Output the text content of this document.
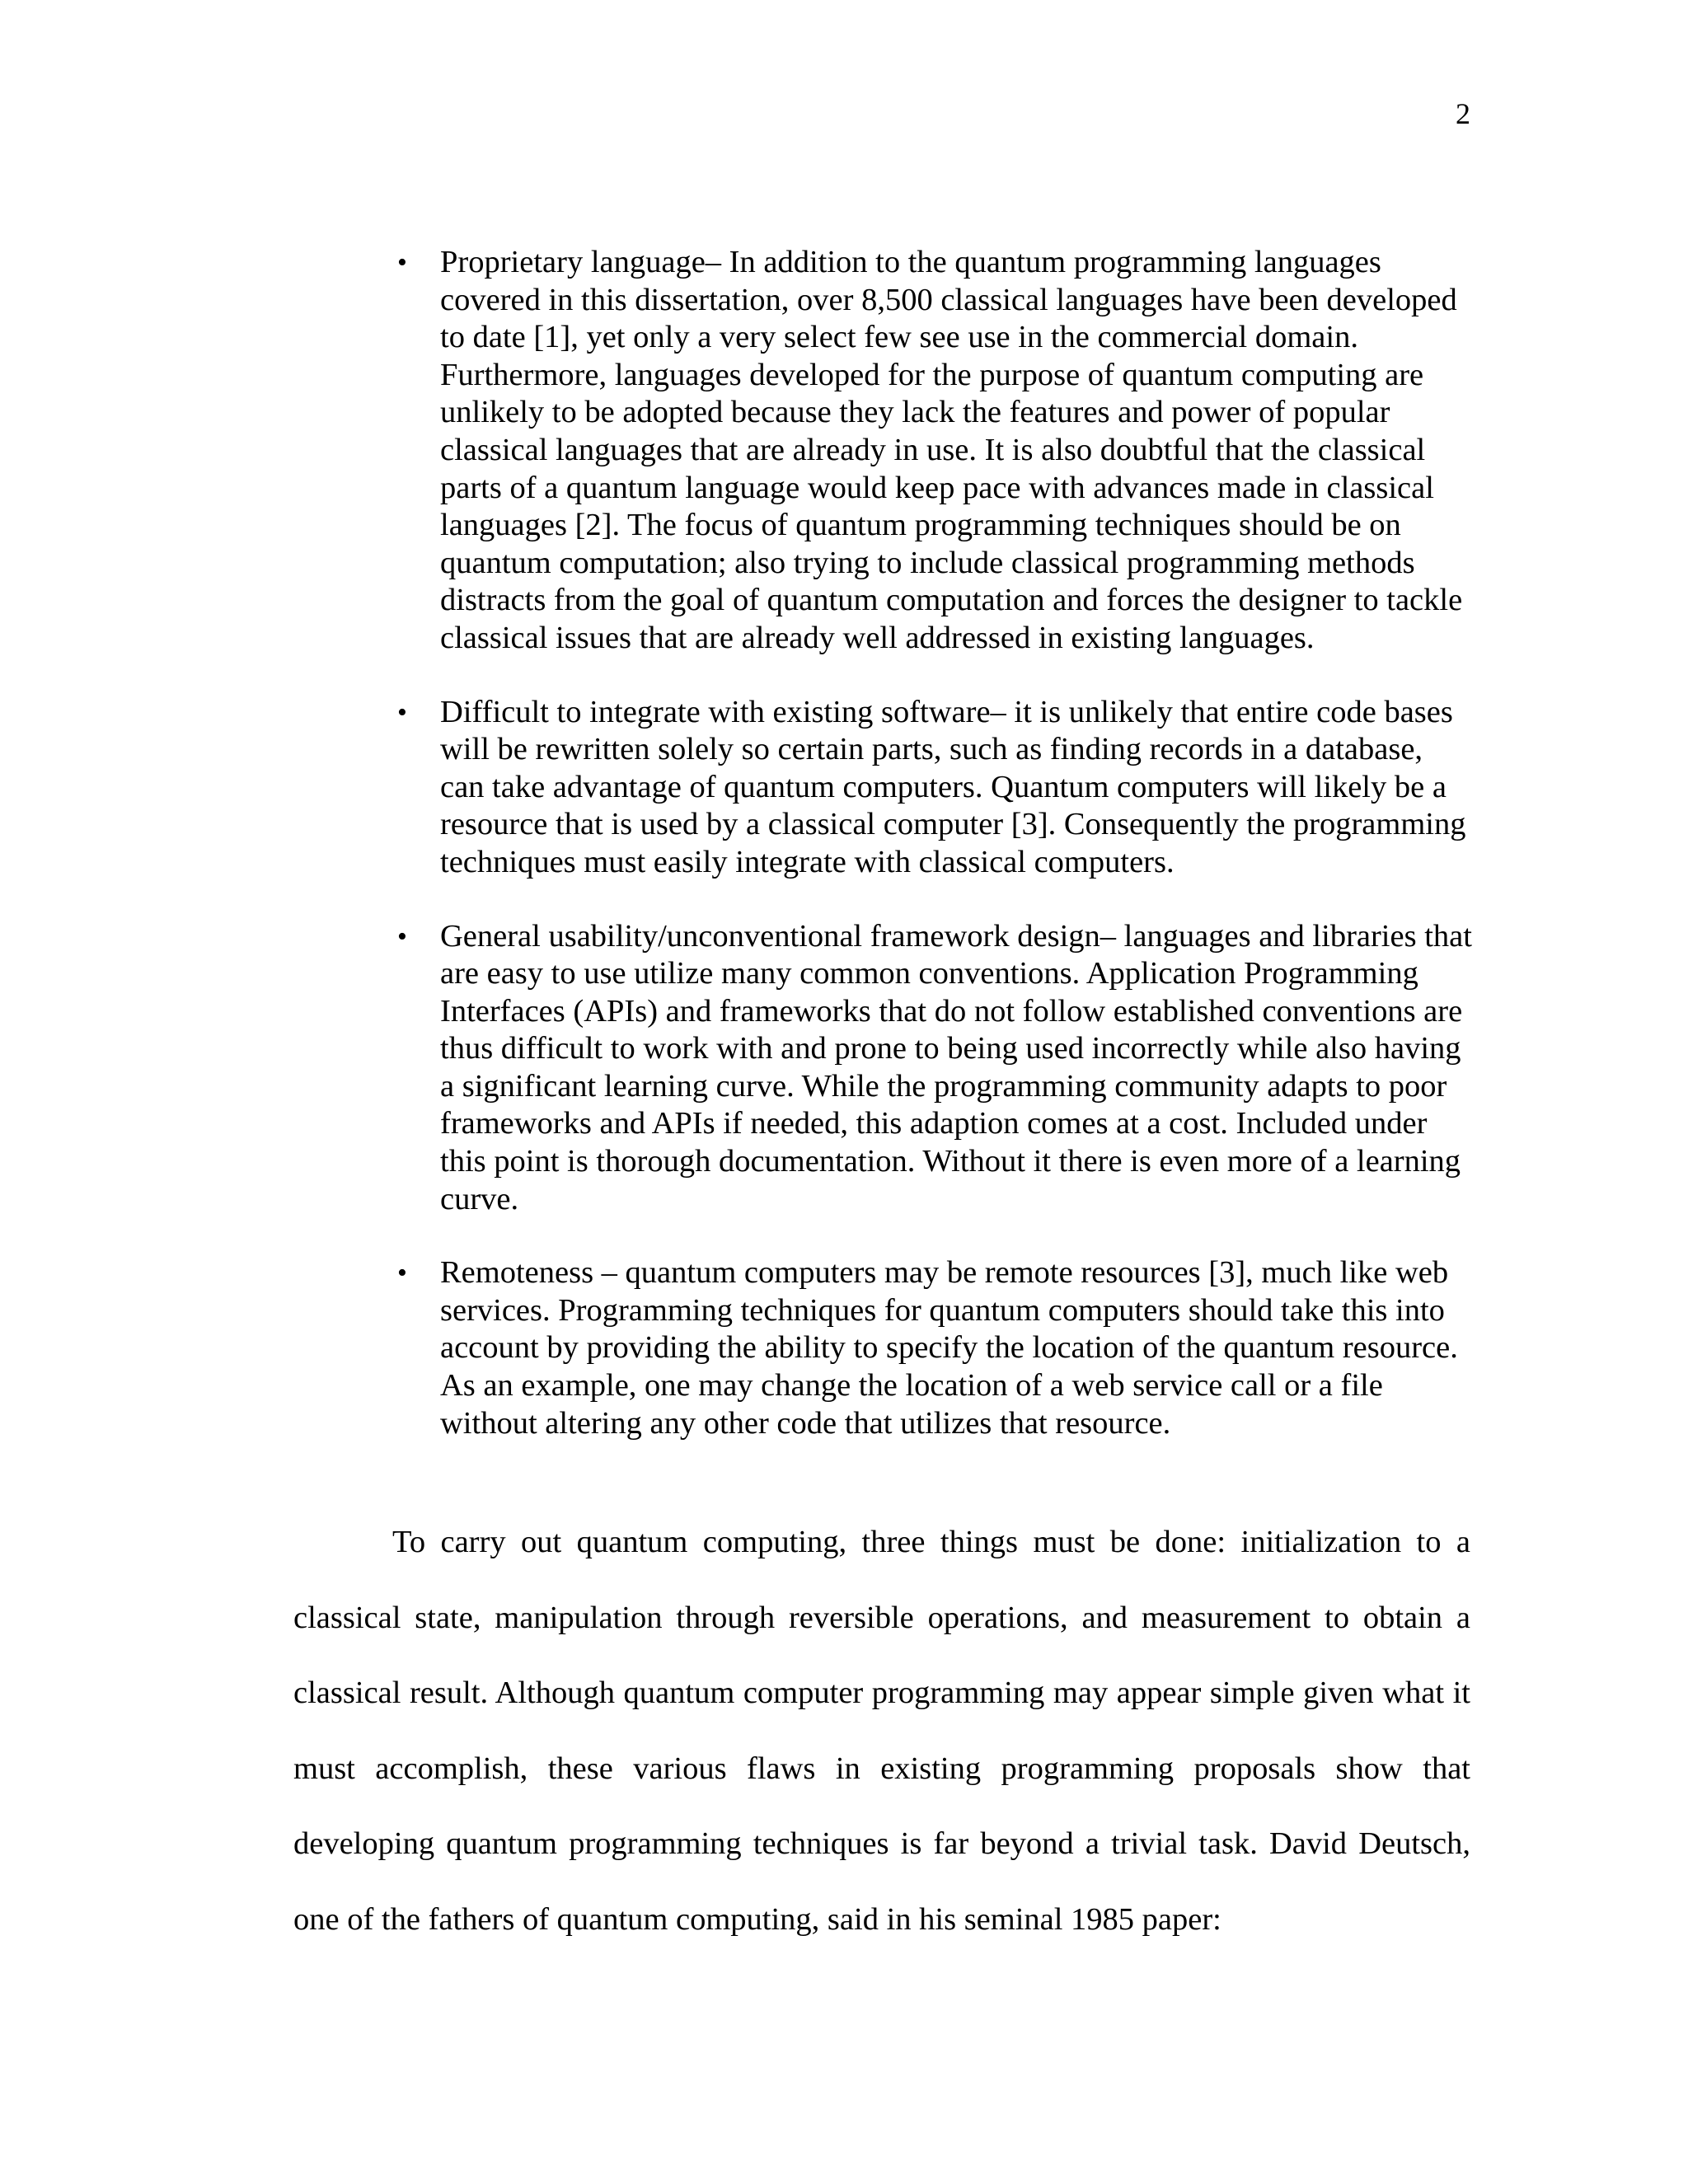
2
• Proprietary language– In addition to the quantum programming languages covered in this dissertation, over 8,500 classical languages have been developed to date [1], yet only a very select few see use in the commercial domain. Furthermore, languages developed for the purpose of quantum computing are unlikely to be adopted because they lack the features and power of popular classical languages that are already in use. It is also doubtful that the classical parts of a quantum language would keep pace with advances made in classical languages [2]. The focus of quantum programming techniques should be on quantum computation; also trying to include classical programming methods distracts from the goal of quantum computation and forces the designer to tackle classical issues that are already well addressed in existing languages.
• Difficult to integrate with existing software– it is unlikely that entire code bases will be rewritten solely so certain parts, such as finding records in a database, can take advantage of quantum computers. Quantum computers will likely be a resource that is used by a classical computer [3]. Consequently the programming techniques must easily integrate with classical computers.
• General usability/unconventional framework design– languages and libraries that are easy to use utilize many common conventions. Application Programming Interfaces (APIs) and frameworks that do not follow established conventions are thus difficult to work with and prone to being used incorrectly while also having a significant learning curve. While the programming community adapts to poor frameworks and APIs if needed, this adaption comes at a cost. Included under this point is thorough documentation. Without it there is even more of a learning curve.
• Remoteness – quantum computers may be remote resources [3], much like web services. Programming techniques for quantum computers should take this into account by providing the ability to specify the location of the quantum resource. As an example, one may change the location of a web service call or a file without altering any other code that utilizes that resource.

To carry out quantum computing, three things must be done: initialization to a classical state, manipulation through reversible operations, and measurement to obtain a classical result. Although quantum computer programming may appear simple given what it must accomplish, these various flaws in existing programming proposals show that developing quantum programming techniques is far beyond a trivial task. David Deutsch, one of the fathers of quantum computing, said in his seminal 1985 paper:
